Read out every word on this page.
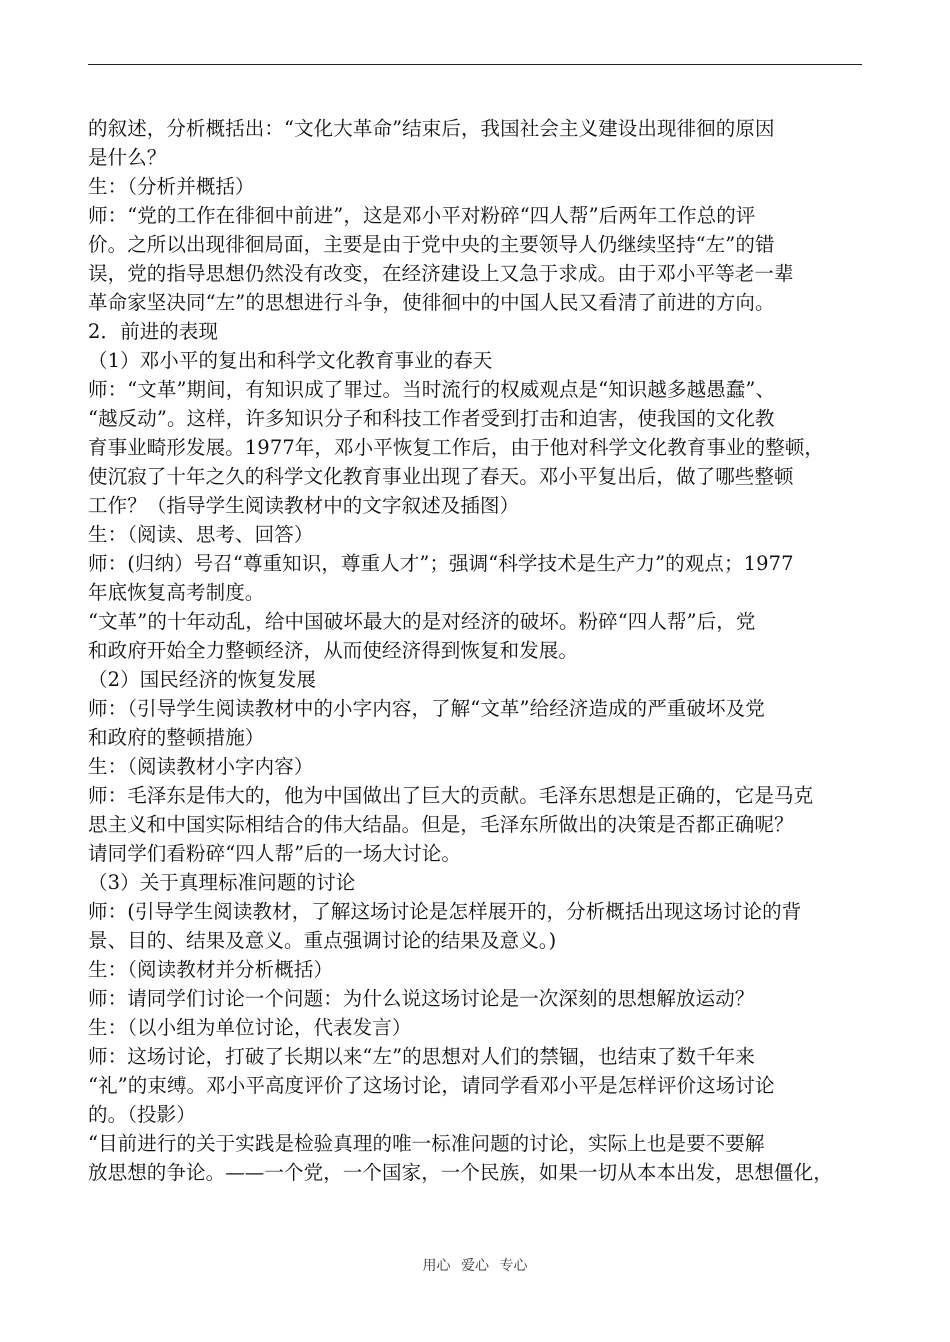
的叙述，分析概括出：“文化大革命”结束后，我国社会主义建设出现徘徊的原因
是什么？
生：（分析并概括）
师：“党的工作在徘徊中前进”，这是邓小平对粉碎“四人帮”后两年工作总的评
价。之所以出现徘徊局面，主要是由于党中央的主要领导人仍继续坚持“左”的错
误，党的指导思想仍然没有改变，在经济建设上又急于求成。由于邓小平等老一辈
革命家坚决同“左”的思想进行斗争，使徘徊中的中国人民又看清了前进的方向。
2．前进的表现
（1）邓小平的复出和科学文化教育事业的春天
师：“文革”期间，有知识成了罪过。当时流行的权威观点是“知识越多越愚蠢”、
“越反动”。这样，许多知识分子和科技工作者受到打击和迫害，使我国的文化教
育事业畸形发展。1977年，邓小平恢复工作后，由于他对科学文化教育事业的整顿，
使沉寂了十年之久的科学文化教育事业出现了春天。邓小平复出后，做了哪些整顿
工作？（指导学生阅读教材中的文字叙述及插图）
生：（阅读、思考、回答）
师：(归纳）号召“尊重知识，尊重人才”；强调“科学技术是生产力”的观点；1977
年底恢复高考制度。
“文革”的十年动乱，给中国破坏最大的是对经济的破坏。粉碎“四人帮”后，党
和政府开始全力整顿经济，从而使经济得到恢复和发展。
（2）国民经济的恢复发展
师：（引导学生阅读教材中的小字内容，了解“文革”给经济造成的严重破坏及党
和政府的整顿措施）
生：（阅读教材小字内容）
师：毛泽东是伟大的，他为中国做出了巨大的贡献。毛泽东思想是正确的，它是马克
思主义和中国实际相结合的伟大结晶。但是，毛泽东所做出的决策是否都正确呢？
请同学们看粉碎“四人帮”后的一场大讨论。
（3）关于真理标准问题的讨论
师：(引导学生阅读教材，了解这场讨论是怎样展开的，分析概括出现这场讨论的背
景、目的、结果及意义。重点强调讨论的结果及意义。)
生：（阅读教材并分析概括）
师：请同学们讨论一个问题：为什么说这场讨论是一次深刻的思想解放运动？
生：（以小组为单位讨论，代表发言）
师：这场讨论，打破了长期以来“左”的思想对人们的禁锢，也结束了数千年来
“礼”的束缚。邓小平高度评价了这场讨论，请同学看邓小平是怎样评价这场讨论
的。（投影）
“目前进行的关于实践是检验真理的唯一标准问题的讨论，实际上也是要不要解
放思想的争论。——一个党，一个国家，一个民族，如果一切从本本出发，思想僵化，
用心 爱心 专心
